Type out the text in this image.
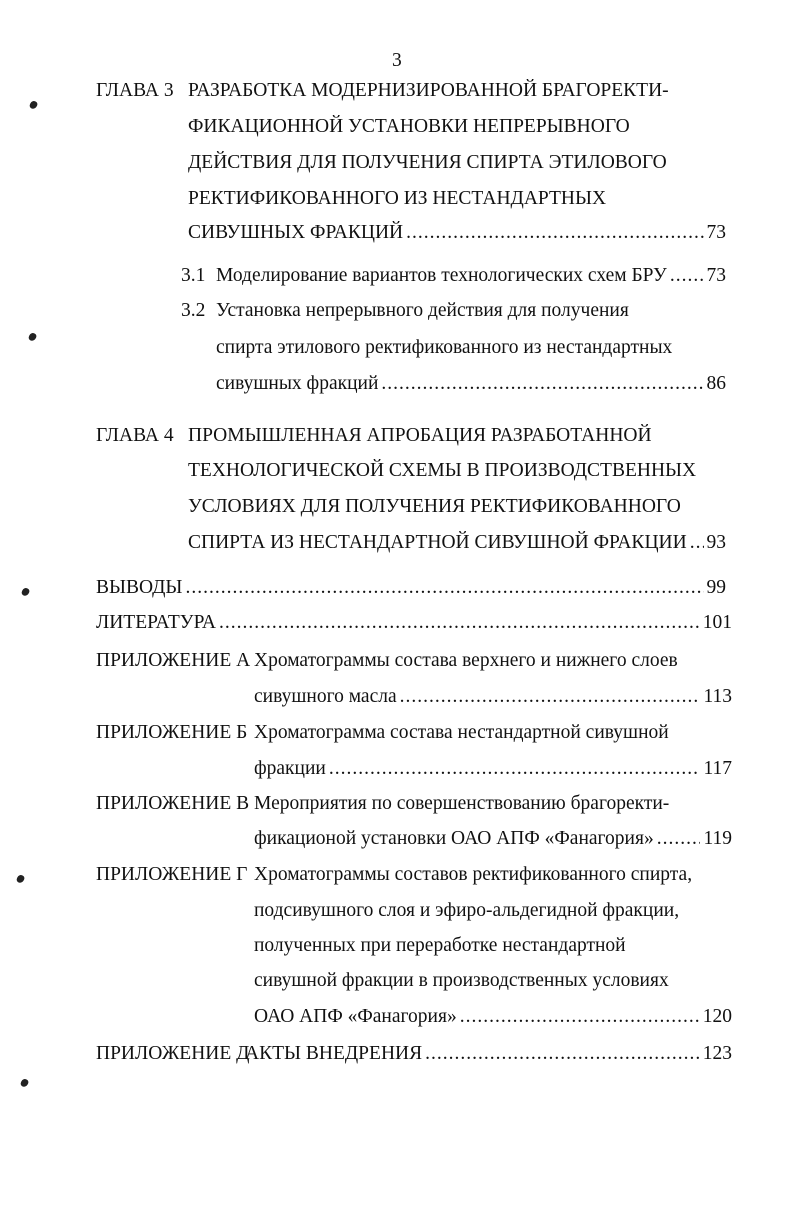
3
ГЛАВА 3 РАЗРАБОТКА МОДЕРНИЗИРОВАННОЙ БРАГОРЕКТИ-
ФИКАЦИОННОЙ УСТАНОВКИ НЕПРЕРЫВНОГО
ДЕЙСТВИЯ ДЛЯ ПОЛУЧЕНИЯ СПИРТА ЭТИЛОВОГО
РЕКТИФИКОВАННОГО ИЗ НЕСТАНДАРТНЫХ
СИВУШНЫХ ФРАКЦИЙ .....	73
3.1 Моделирование вариантов технологических схем БРУ ..... 73
3.2 Установка непрерывного действия для получения
спирта этилового ректификованного из нестандартных
сивушных фракций .....	86
ГЛАВА 4 ПРОМЫШЛЕННАЯ АПРОБАЦИЯ РАЗРАБОТАННОЙ
ТЕХНОЛОГИЧЕСКОЙ СХЕМЫ В ПРОИЗВОДСТВЕННЫХ
УСЛОВИЯХ ДЛЯ ПОЛУЧЕНИЯ РЕКТИФИКОВАННОГО
СПИРТА ИЗ НЕСТАНДАРТНОЙ СИВУШНОЙ ФРАКЦИИ ..... 93
ВЫВОДЫ .....	99
ЛИТЕРАТУРА .....	101
ПРИЛОЖЕНИЕ А Хроматограммы состава верхнего и нижнего слоев
сивушного масла .....	113
ПРИЛОЖЕНИЕ Б Хроматограмма состава нестандартной сивушной
фракции .....	117
ПРИЛОЖЕНИЕ В Мероприятия по совершенствованию брагоректи-
фикационой установки ОАО АПФ «Фанагория» .....	119
ПРИЛОЖЕНИЕ Г Хроматограммы составов ректификованного спирта,
подсивушного слоя и эфиро-альдегидной фракции,
полученных при переработке нестандартной
сивушной фракции в производственных условиях
ОАО АПФ «Фанагория» .....	120
ПРИЛОЖЕНИЕ Д
АКТЫ ВНЕДРЕНИЯ .....	123
